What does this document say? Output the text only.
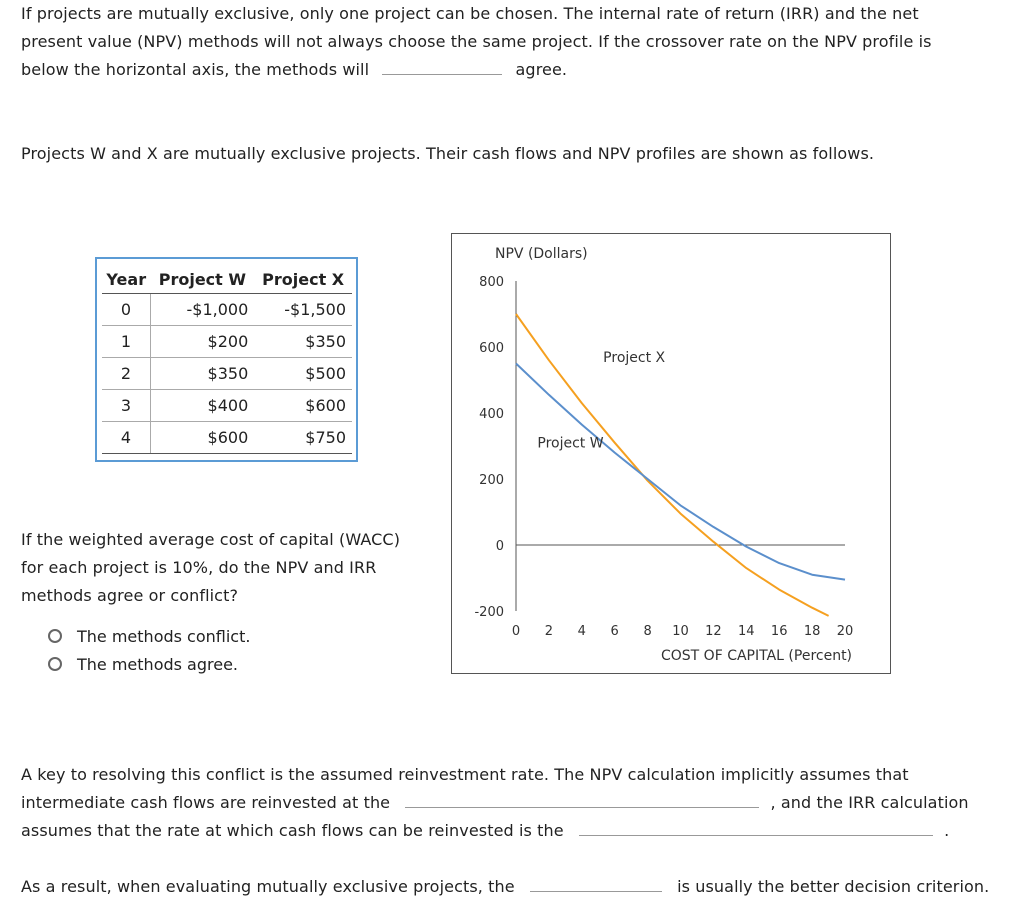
If projects are mutually exclusive, only one project can be chosen. The internal rate of return (IRR) and the net
present value (NPV) methods will not always choose the same project. If the crossover rate on the NPV profile is
below the horizontal axis, the methods will	agree.
Projects W and X are mutually exclusive projects. Their cash flows and NPV profiles are shown as follows.
Year	Project W	Project X
0	-$1,000	-$1,500
1	$200	$350
2	$350	$500
3	$400	$600
4	$600	$750
If the weighted average cost of capital (WACC)
for each project is 10%, do the NPV and IRR
methods agree or conflict?
The methods conflict.
The methods agree.
NPV (Dollars)
COST OF CAPITAL (Percent)
800
600
400
200
0
-200
0 2 4 6 8 10 12 14 16 18 20
Project X
Project W
A key to resolving this conflict is the assumed reinvestment rate. The NPV calculation implicitly assumes that
intermediate cash flows are reinvested at the	, and the IRR calculation
assumes that the rate at which cash flows can be reinvested is the	.
As a result, when evaluating mutually exclusive projects, the	is usually the better decision criterion.
